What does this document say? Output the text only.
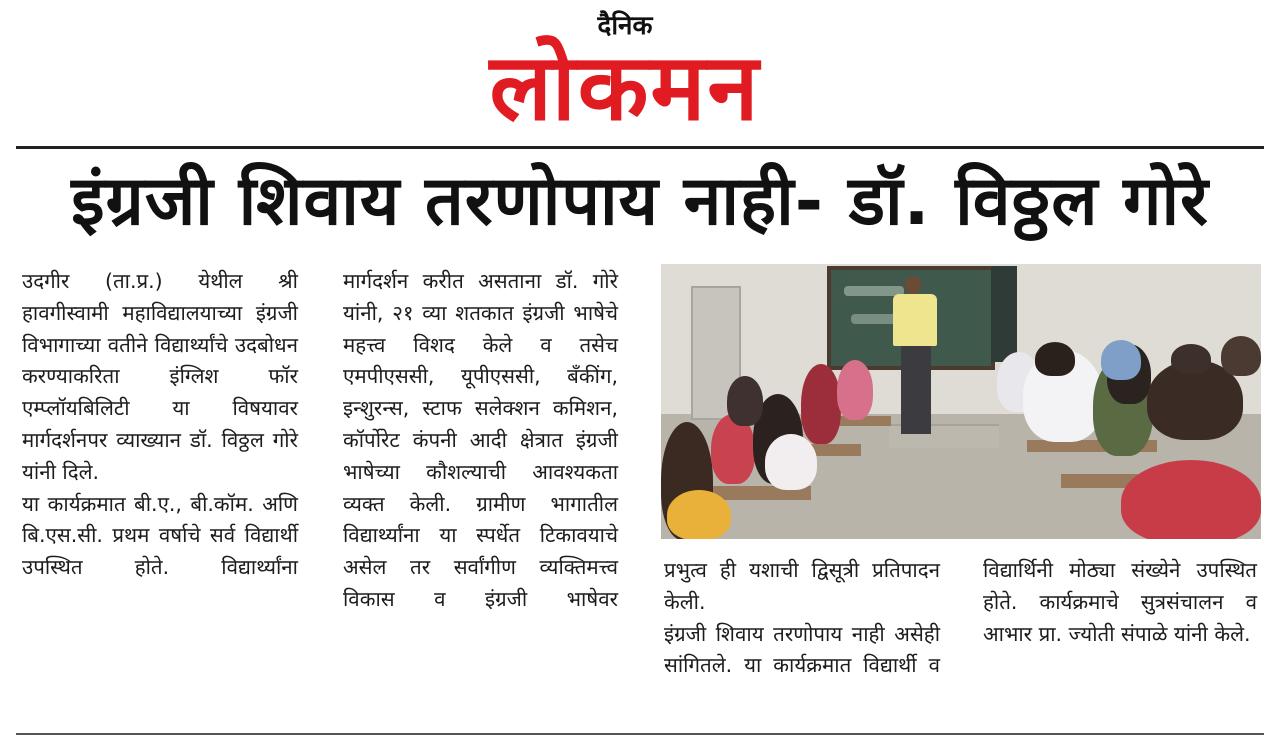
दैनिक
लोकमन
इंग्रजी शिवाय तरणोपाय नाही- डॉ. विठ्ठल गोरे

उदगीर (ता.प्र.) येथील श्री हावगीस्वामी महाविद्यालयाच्या इंग्रजी विभागाच्या वतीने विद्यार्थ्यांचे उदबोधन करण्याकरिता इंग्लिश फॉर एम्प्लॉयबिलिटी या विषयावर मार्गदर्शनपर व्याख्यान डॉ. विठ्ठल गोरे यांनी दिले.

या कार्यक्रमात बी.ए., बी.कॉम. अणि बि.एस.सी. प्रथम वर्षाचे सर्व विद्यार्थी उपस्थित होते. विद्यार्थ्यांना

मार्गदर्शन करीत असताना डॉ. गोरे यांनी, २१ व्या शतकात इंग्रजी भाषेचे महत्त्व विशद केले व तसेच एमपीएससी, यूपीएससी, बँकींग, इन्शुरन्स, स्टाफ सलेक्शन कमिशन, कॉर्पोरेट कंपनी आदी क्षेत्रात इंग्रजी भाषेच्या कौशल्याची आवश्यकता व्यक्त केली. ग्रामीण भागातील विद्यार्थ्यांना या स्पर्धेत टिकावयाचे असेल तर सर्वांगीण व्यक्तिमत्त्व विकास व इंग्रजी भाषेवर

प्रभुत्व ही यशाची द्विसूत्री प्रतिपादन केली.

इंग्रजी शिवाय तरणोपाय नाही असेही सांगितले. या कार्यक्रमात विद्यार्थी व

विद्यार्थिनी मोठ्या संख्येने उपस्थित होते. कार्यक्रमाचे सुत्रसंचालन व आभार प्रा. ज्योती संपाळे यांनी केले.
